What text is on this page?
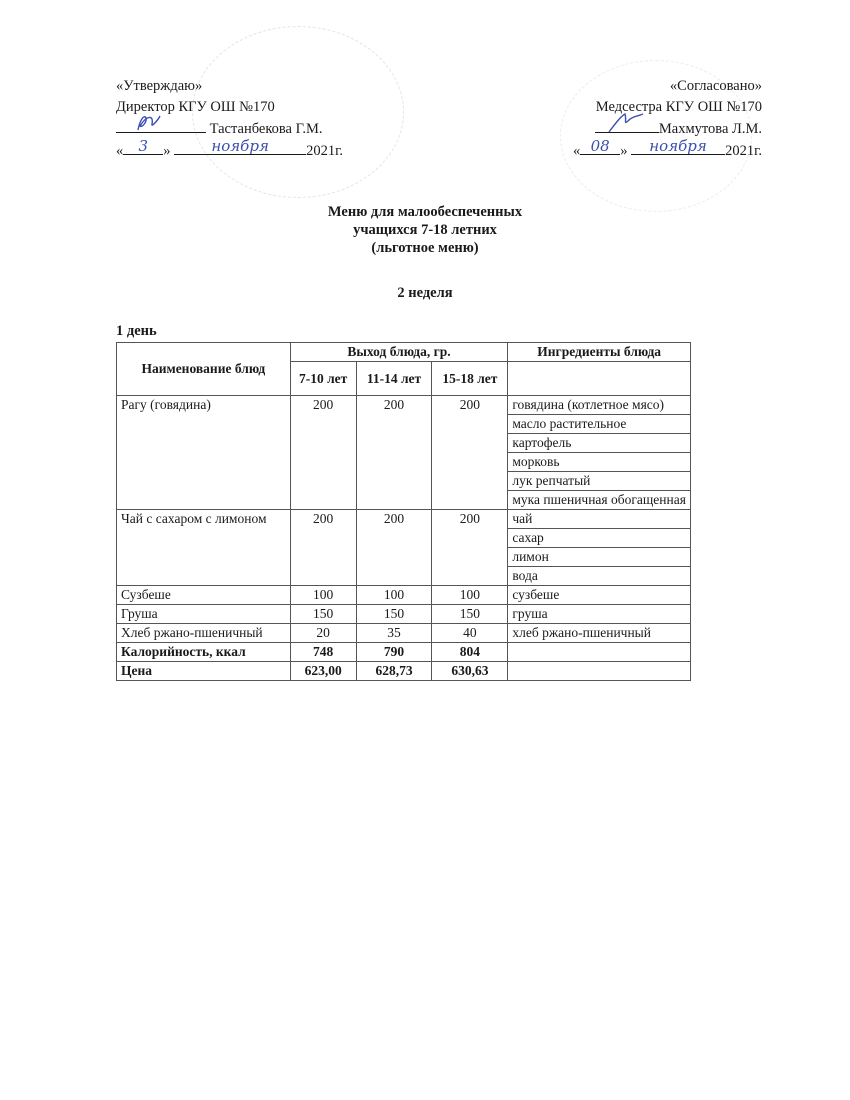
«Утверждаю»
Директор КГУ ОШ №170
Тастанбекова Г.М.
«	3	»	ноября	2021г.
«Согласовано»
Медсестра КГУ ОШ №170
Махмутова Л.М.
« 08 »	ноября	2021г.
Меню для малообеспеченных
учащихся 7-18 летних
(льготное меню)
2 неделя
1 день
Наименование блюд	Выход блюда, гр.			Ингредиенты блюда
	7-10 лет	11-14 лет	15-18 лет	
Рагу (говядина)	200	200	200	говядина (котлетное мясо)
				масло растительное
				картофель
				морковь
				лук репчатый
				мука пшеничная обогащенная
Чай с сахаром с лимоном	200	200	200	чай
				сахар
				лимон
				вода
Сузбеше	100	100	100	сузбеше
Груша	150	150	150	груша
Хлеб ржано-пшеничный	20	35	40	хлеб ржано-пшеничный
Калорийность, ккал	748	790	804	
Цена	623,00	628,73	630,63	
